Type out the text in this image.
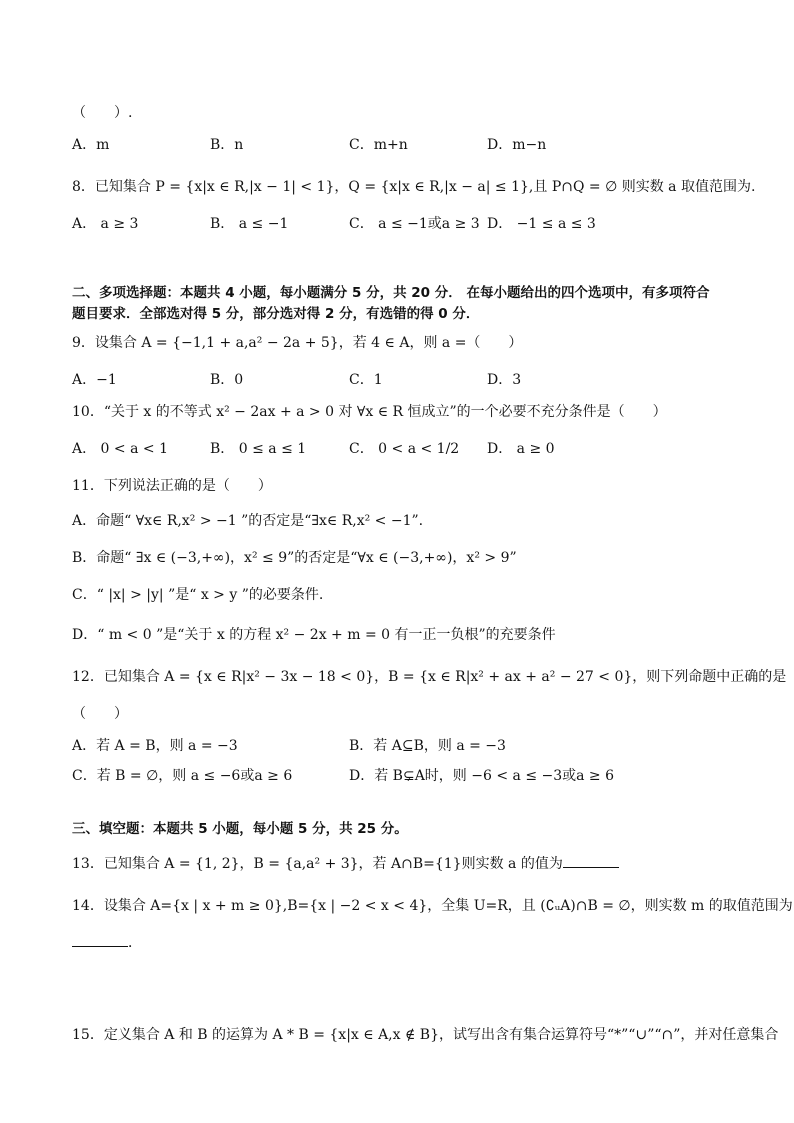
（　　）.
A．m	B．n	C．m+n	D．m−n
8．已知集合 P = {x|x ∈ R,|x − 1| < 1}，Q = {x|x ∈ R,|x − a| ≤ 1},且 P∩Q = ∅ 则实数 a 取值范围为.
A． a ≥ 3	B． a ≤ −1	C． a ≤ −1或a ≥ 3 D． −1 ≤ a ≤ 3
二、多项选择题：本题共 4 小题，每小题满分 5 分，共 20 分． 在每小题给出的四个选项中，有多项符合
题目要求．全部选对得 5 分，部分选对得 2 分，有选错的得 0 分．
9．设集合 A = {−1,1 + a,a² − 2a + 5}，若 4 ∈ A，则 a =（　　）
A．−1	B．0	C．1	D．3
10．“关于 x 的不等式 x² − 2ax + a > 0 对 ∀x ∈ R 恒成立”的一个必要不充分条件是（　　）
A． 0 < a < 1	B． 0 ≤ a ≤ 1	C． 0 < a < 1/2 D． a ≥ 0
11．下列说法正确的是（　　）
A．命题“ ∀x∈ R,x² > −1 ”的否定是“∃x∈ R,x² < −1”.
B．命题“ ∃x ∈ (−3,+∞)，x² ≤ 9”的否定是“∀x ∈ (−3,+∞)，x² > 9”
C．“ |x| > |y| ”是“ x > y ”的必要条件.
D．“ m < 0 ”是“关于 x 的方程 x² − 2x + m = 0 有一正一负根”的充要条件
12．已知集合 A = {x ∈ R|x² − 3x − 18 < 0}，B = {x ∈ R|x² + ax + a² − 27 < 0}，则下列命题中正确的是
（　　）
A．若 A = B，则 a = −3	B．若 A⊆B，则 a = −3
C．若 B = ∅，则 a ≤ −6或a ≥ 6	D．若 B⊊A时，则 −6 < a ≤ −3或a ≥ 6
三、填空题：本题共 5 小题，每小题 5 分，共 25 分。
13．已知集合 A = {1, 2}，B = {a,a² + 3}，若 A∩B={1}则实数 a 的值为
14．设集合 A={x | x + m ≥ 0},B={x | −2 < x < 4}，全集 U=R，且 (∁ᵤA)∩B = ∅，则实数 m 的取值范围为
．
15．定义集合 A 和 B 的运算为 A * B = {x|x ∈ A,x ∉ B}，试写出含有集合运算符号“*”“∪”“∩”，并对任意集合
